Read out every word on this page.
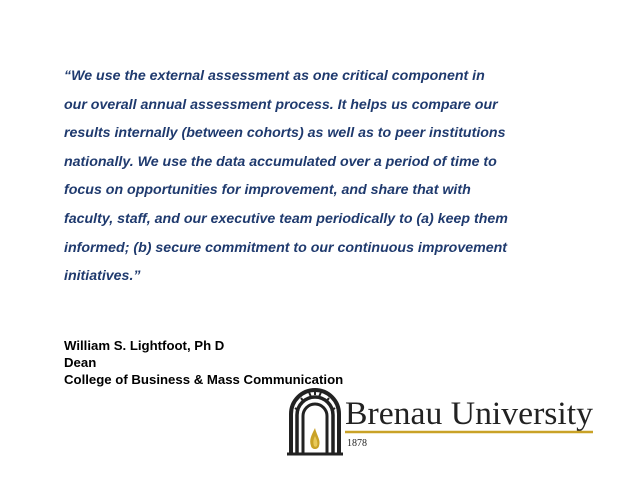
“We use the external assessment as one critical component in
our overall annual assessment process. It helps us compare our
results internally (between cohorts) as well as to peer institutions
nationally. We use the data accumulated over a period of time to
focus on opportunities for improvement, and share that with
faculty, staff, and our executive team periodically to (a) keep them
informed; (b) secure commitment to our continuous improvement
initiatives.”
William S. Lightfoot, Ph D
Dean
College of Business & Mass Communication
Brenau University
1878
